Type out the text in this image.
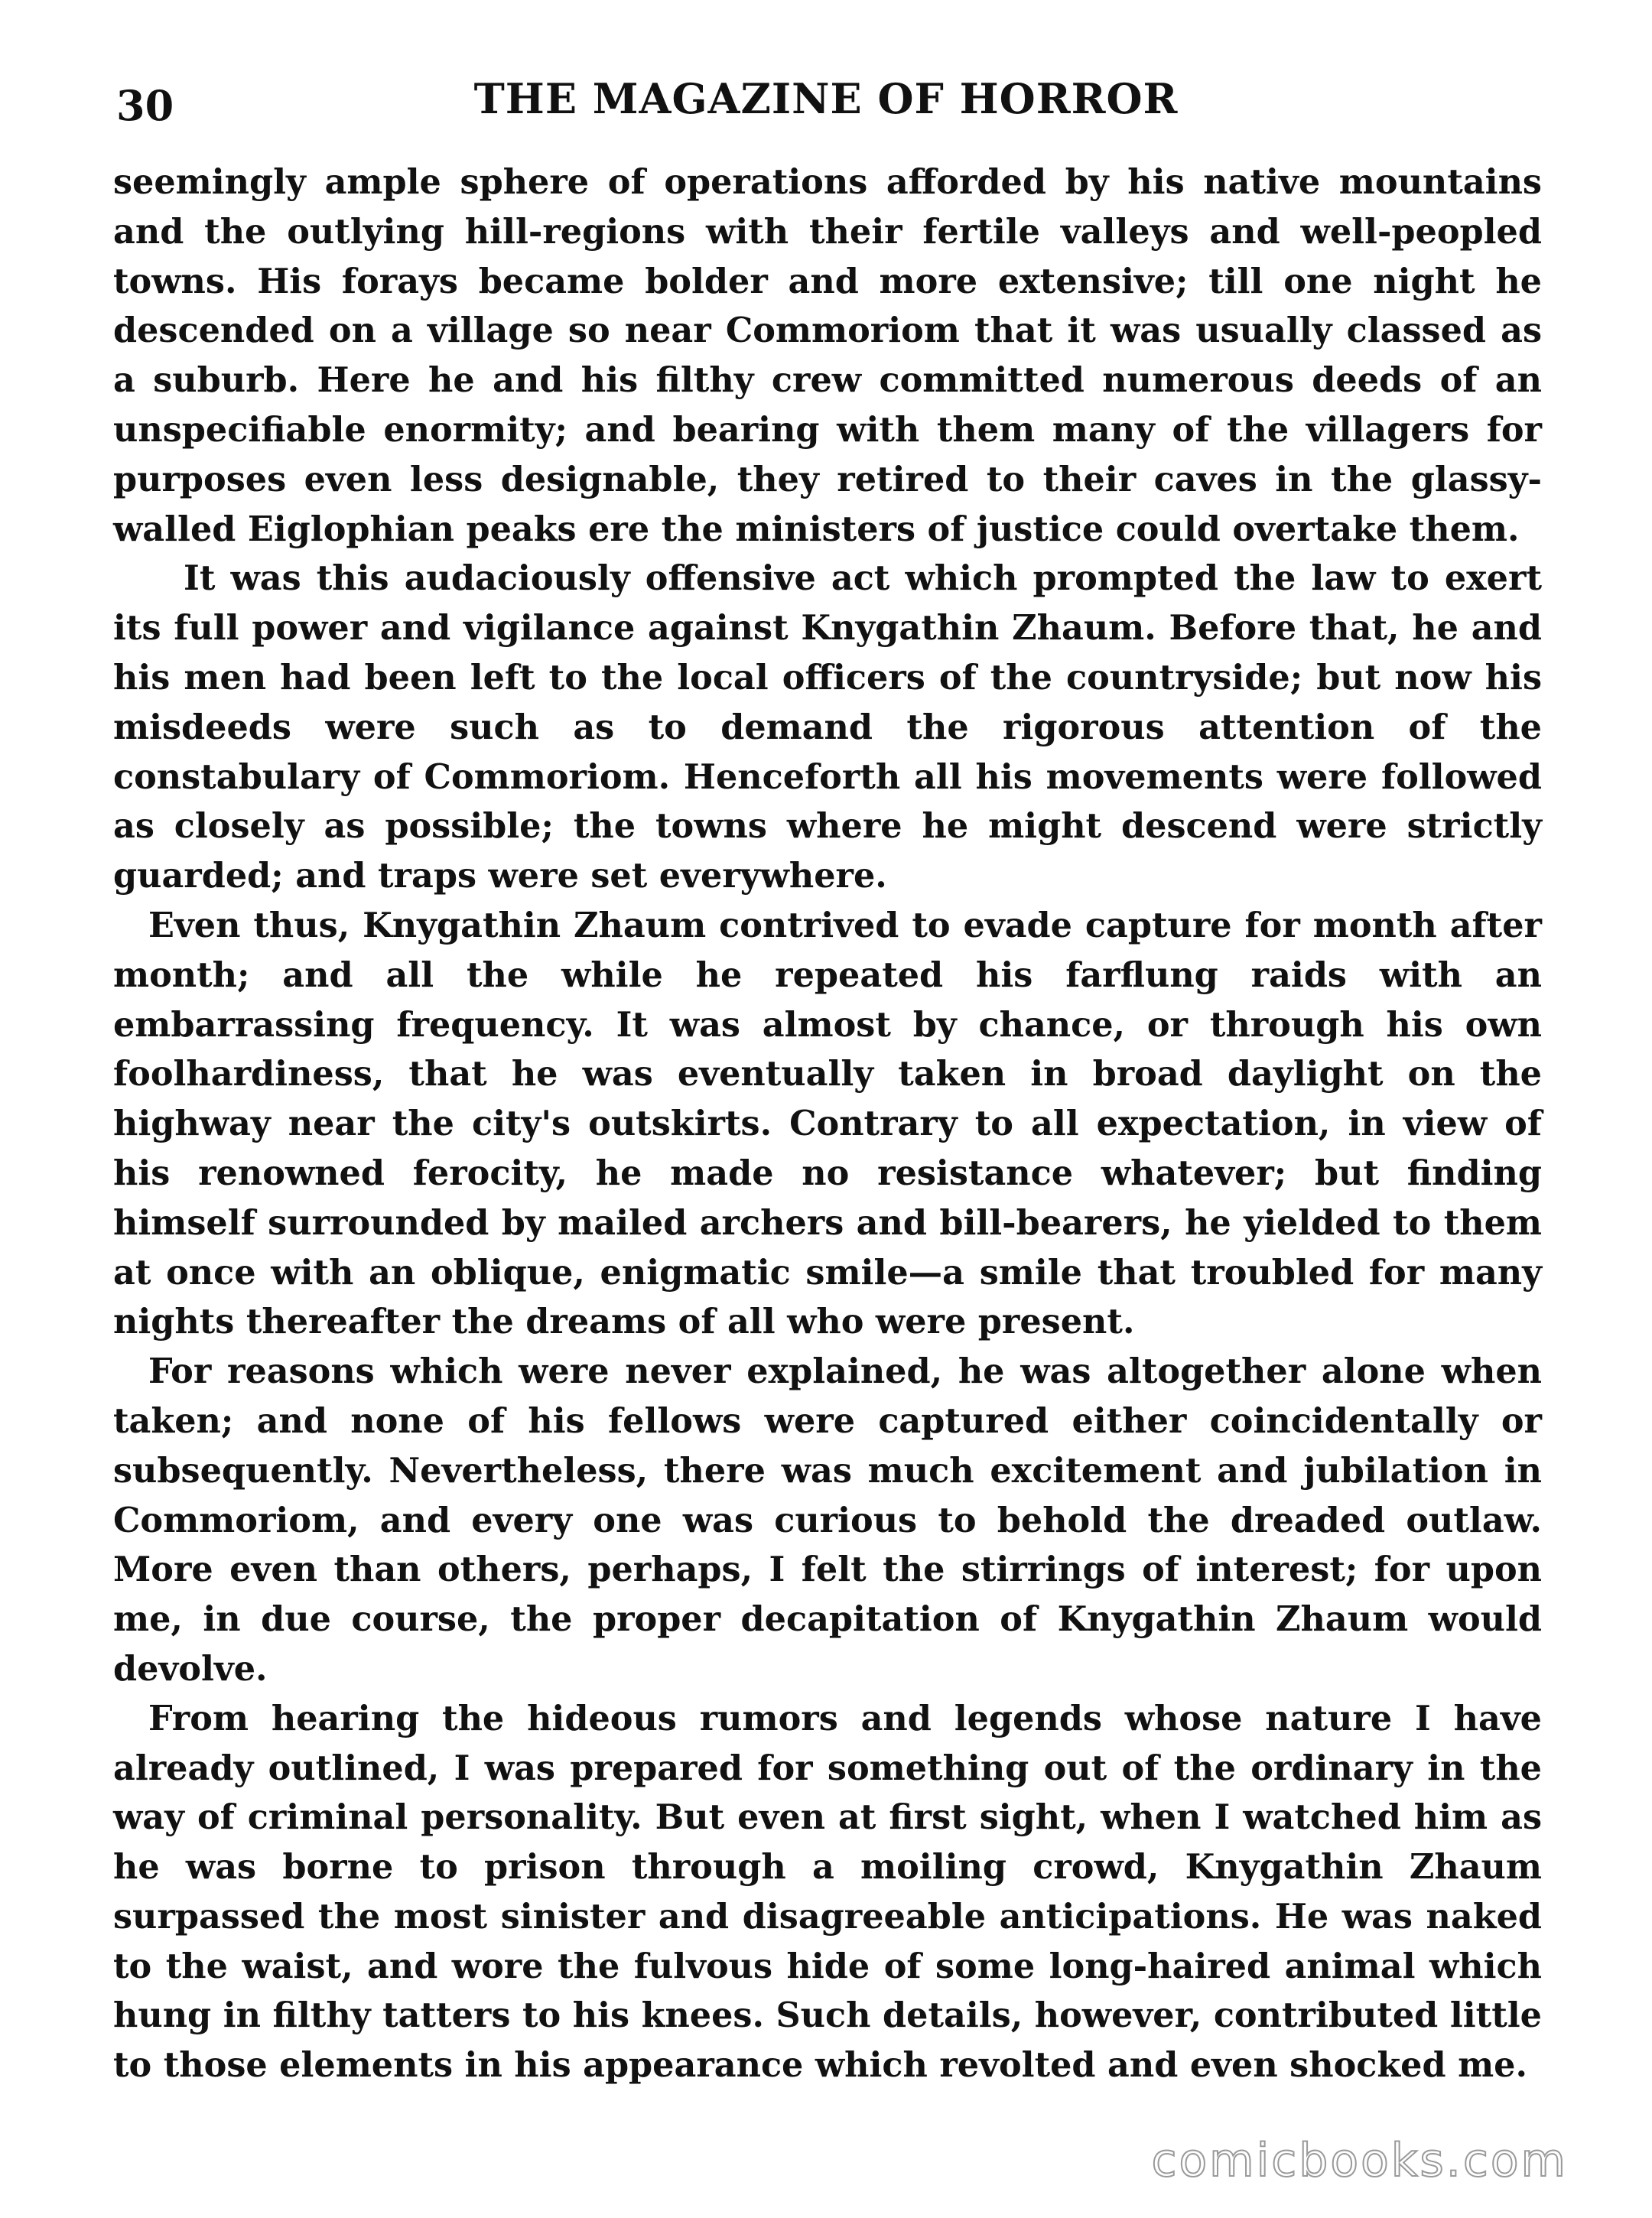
30	THE MAGAZINE OF HORROR

seemingly ample sphere of operations afforded by his native mountains and the outlying hill-regions with their fertile valleys and well-peopled towns. His forays became bolder and more extensive; till one night he descended on a village so near Commoriom that it was usually classed as a suburb. Here he and his filthy crew committed numerous deeds of an unspecifiable enormity; and bearing with them many of the villagers for purposes even less designable, they retired to their caves in the glassy-walled Eiglophian peaks ere the ministers of justice could overtake them.

It was this audaciously offensive act which prompted the law to exert its full power and vigilance against Knygathin Zhaum. Before that, he and his men had been left to the local officers of the countryside; but now his misdeeds were such as to demand the rigorous attention of the constabulary of Commoriom. Henceforth all his movements were followed as closely as possible; the towns where he might descend were strictly guarded; and traps were set everywhere.

Even thus, Knygathin Zhaum contrived to evade capture for month after month; and all the while he repeated his farflung raids with an embarrassing frequency. It was almost by chance, or through his own foolhardiness, that he was eventually taken in broad daylight on the highway near the city's outskirts. Contrary to all expectation, in view of his renowned ferocity, he made no resistance whatever; but finding himself surrounded by mailed archers and bill-bearers, he yielded to them at once with an oblique, enigmatic smile—a smile that troubled for many nights thereafter the dreams of all who were present.

For reasons which were never explained, he was altogether alone when taken; and none of his fellows were captured either coincidentally or subsequently. Nevertheless, there was much excitement and jubilation in Commoriom, and every one was curious to behold the dreaded outlaw. More even than others, perhaps, I felt the stirrings of interest; for upon me, in due course, the proper decapitation of Knygathin Zhaum would devolve.

From hearing the hideous rumors and legends whose nature I have already outlined, I was prepared for something out of the ordinary in the way of criminal personality. But even at first sight, when I watched him as he was borne to prison through a moiling crowd, Knygathin Zhaum surpassed the most sinister and disagreeable anticipations. He was naked to the waist, and wore the fulvous hide of some long-haired animal which hung in filthy tatters to his knees. Such details, however, contributed little to those elements in his appearance which revolted and even shocked me.

comicbooks.com
